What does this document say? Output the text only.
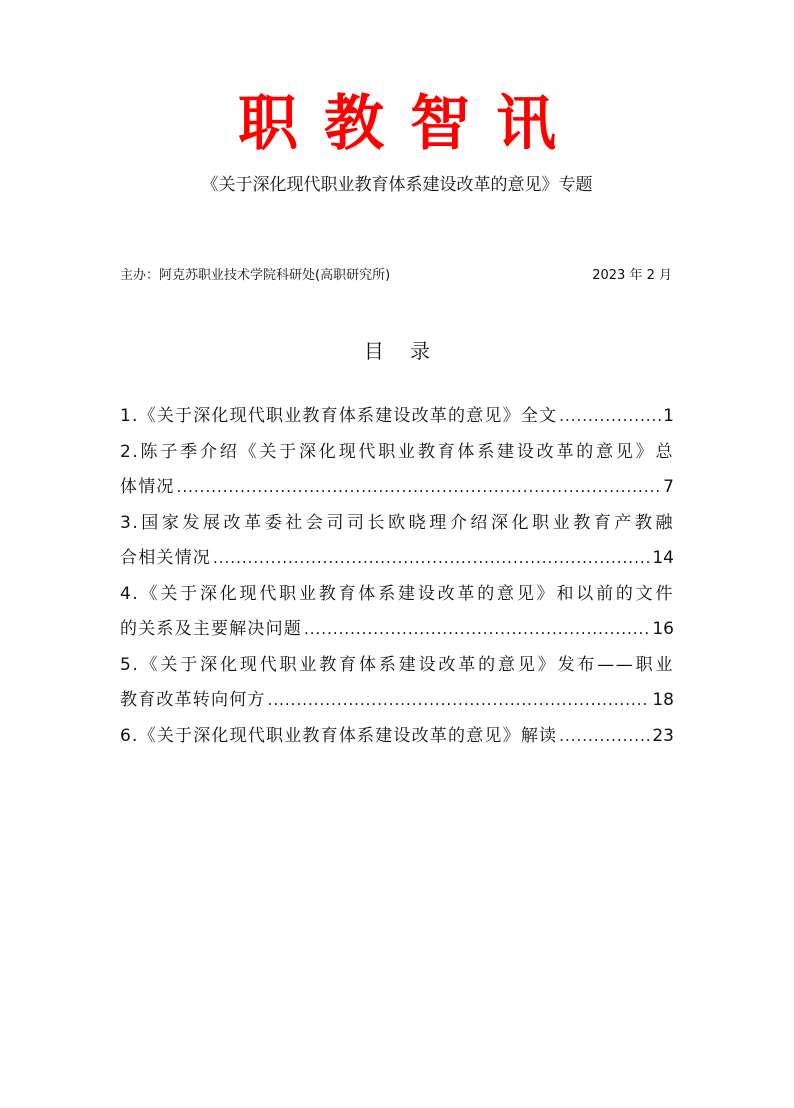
职教智讯
《关于深化现代职业教育体系建设改革的意见》专题
主办：阿克苏职业技术学院科研处(高职研究所)	2023 年 2 月
目 录
1.《关于深化现代职业教育体系建设改革的意见》全文 .....	1
2.陈子季介绍《关于深化现代职业教育体系建设改革的意见》总
体情况 .....	7
3.国家发展改革委社会司司长欧晓理介绍深化职业教育产教融
合相关情况 .....	14
4.《关于深化现代职业教育体系建设改革的意见》和以前的文件
的关系及主要解决问题 .....	16
5.《关于深化现代职业教育体系建设改革的意见》发布——职业
教育改革转向何方 .....	18
6.《关于深化现代职业教育体系建设改革的意见》解读 .....	23
